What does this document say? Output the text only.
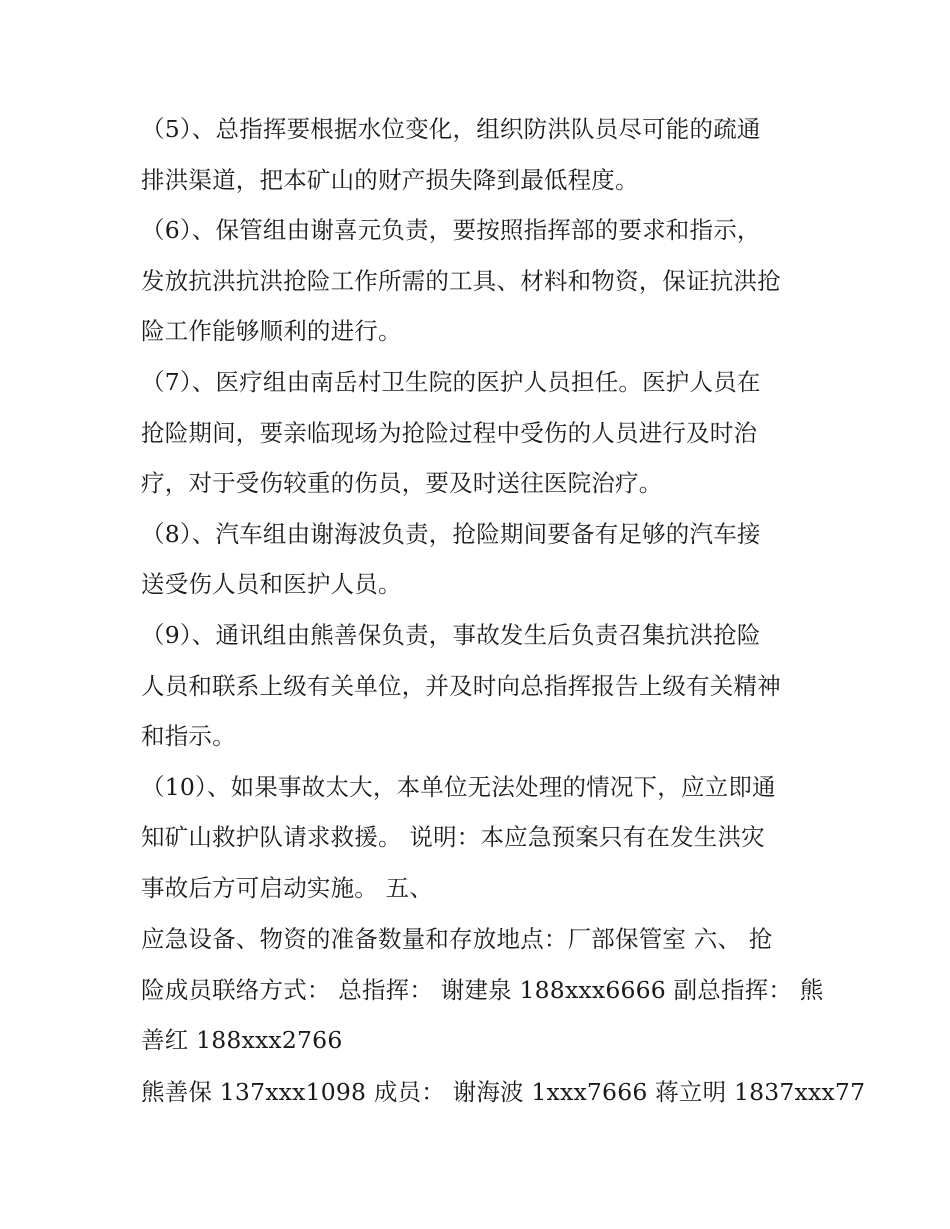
（5）、总指挥要根据水位变化，组织防洪队员尽可能的疏通
排洪渠道，把本矿山的财产损失降到最低程度。
（6）、保管组由谢喜元负责，要按照指挥部的要求和指示，
发放抗洪抗洪抢险工作所需的工具、材料和物资，保证抗洪抢
险工作能够顺利的进行。
（7）、医疗组由南岳村卫生院的医护人员担任。医护人员在
抢险期间，要亲临现场为抢险过程中受伤的人员进行及时治
疗，对于受伤较重的伤员，要及时送往医院治疗。
（8）、汽车组由谢海波负责，抢险期间要备有足够的汽车接
送受伤人员和医护人员。
（9）、通讯组由熊善保负责，事故发生后负责召集抗洪抢险
人员和联系上级有关单位，并及时向总指挥报告上级有关精神
和指示。
（10）、如果事故太大，本单位无法处理的情况下，应立即通
知矿山救护队请求救援。 说明：本应急预案只有在发生洪灾
事故后方可启动实施。 五、
应急设备、物资的准备数量和存放地点：厂部保管室 六、 抢
险成员联络方式： 总指挥： 谢建泉 188xxx6666 副总指挥： 熊
善红 188xxx2766
熊善保 137xxx1098 成员： 谢海波 1xxx7666 蒋立明 1837xxx77
